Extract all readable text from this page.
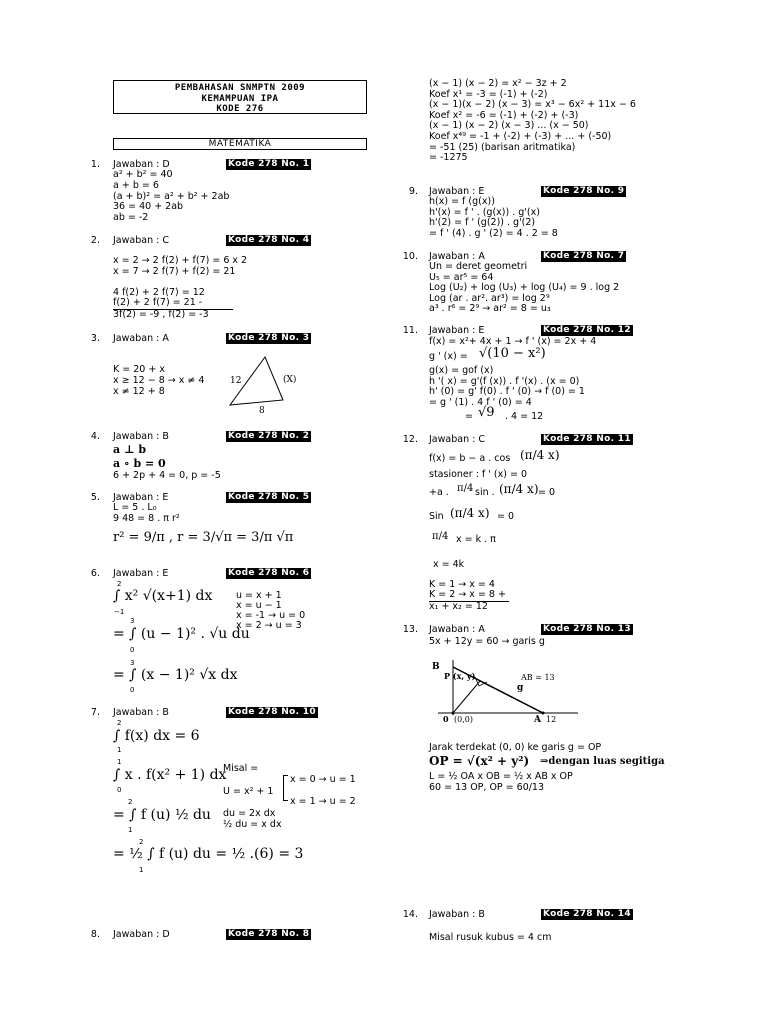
PEMBAHASAN SNMPTN 2009
KEMAMPUAN IPA
KODE 276
MATEMATIKA
1. Jawaban : D	Kode 278 No. 1
a² + b² = 40
a + b = 6
(a + b)² = a² + b² + 2ab
36 = 40 + 2ab
ab = -2
2. Jawaban : C	Kode 278 No. 4
x = 2 → 2 f(2) + f(7) = 6 x 2
x = 7 → 2 f(7) + f(2) = 21

4 f(2) + 2 f(7) = 12
f(2) + 2 f(7) = 21 -
3f(2) = -9 , f(2) = -3
3. Jawaban : A	Kode 278 No. 3
K = 20 + x
x ≥ 12 − 8 → x ≠ 4
x ≠ 12 + 8
12	(X)
8
4. Jawaban : B	Kode 278 No. 2
a ⊥ b
a ∘ b = 0
6 + 2p + 4 = 0, p = -5
5. Jawaban : E	Kode 278 No. 5
L = 5 . L₀
9 48 = 8 . π r²
r² = 9/π , r = 3/√π = 3/π √π
6. Jawaban : E	Kode 278 No. 6
2
−1
∫ x² √(x+1) dx u = x + 1
x = u − 1
x = -1 → u = 0
x = 2 → u = 3
3
0
= ∫ (u − 1)² . √u du
3
0
= ∫ (x − 1)² √x dx
7. Jawaban : B	Kode 278 No. 10
2
1
∫ f(x) dx = 6
1
0
∫ x . f(x² + 1) dx
Misal =
U = x² + 1
x = 0 → u = 1
x = 1 → u = 2
2
1
= ∫ f (u) ½ du du = 2x dx
½ du = x dx
2
1
= ½ ∫ f (u) du = ½ .(6) = 3
8. Jawaban : D	Kode 278 No. 8
(x − 1) (x − 2) = x² − 3z + 2
Koef x¹ = -3 = (-1) + (-2)
(x − 1)(x − 2) (x − 3) = x³ − 6x² + 11x − 6
Koef x² = -6 = (-1) + (-2) + (-3)
(x − 1) (x − 2) (x − 3) ... (x − 50)
Koef x⁴⁹ = -1 + (-2) + (-3) + ... + (-50)
= -51 (25) (barisan aritmatika)
= -1275
9. Jawaban : E	Kode 278 No. 9
h(x) = f (g(x))
h'(x) = f ' . (g(x)) . g'(x)
h'(2) = f ' (g(2)) . g'(2)
= f ' (4) . g ' (2) = 4 . 2 = 8
10. Jawaban : A	Kode 278 No. 7
Un = deret geometri
U₅ = ar⁵ = 64
Log (U₂) + log (U₃) + log (U₄) = 9 . log 2
Log (ar . ar². ar³) = log 2⁹
a³ . r⁶ = 2⁹ → ar² = 8 = u₃
11. Jawaban : E	Kode 278 No. 12
f(x) = x²+ 4x + 1 → f ' (x) = 2x + 4
g ' (x) = √(10 − x²)
g(x) = gof (x)
h '( x) = g'(f (x)) . f '(x) . (x = 0)
h' (0) = g' f(0) . f ' (0) → f (0) = 1
= g ' (1) . 4 f ' (0) = 4
= √9 . 4 = 12
12. Jawaban : C	Kode 278 No. 11
f(x) = b − a . cos (π/4 x)
stasioner : f ' (x) = 0
+a . π/4 sin . (π/4 x) = 0
Sin (π/4 x) = 0
π/4 x = k . π
x = 4k
K = 1 → x = 4
K = 2 → x = 8 +
x₁ + x₂ = 12
13. Jawaban : A	Kode 278 No. 13
5x + 12y = 60 → garis g
B
P (x, y)	AB = 13
g
0 (0,0)	A 12
Jarak terdekat (0, 0) ke garis g = OP
OP = √(x² + y²) ⇒dengan luas segitiga
L = ½ OA x OB = ½ x AB x OP
60 = 13 OP, OP = 60/13
14. Jawaban : B	Kode 278 No. 14
Misal rusuk kubus = 4 cm
